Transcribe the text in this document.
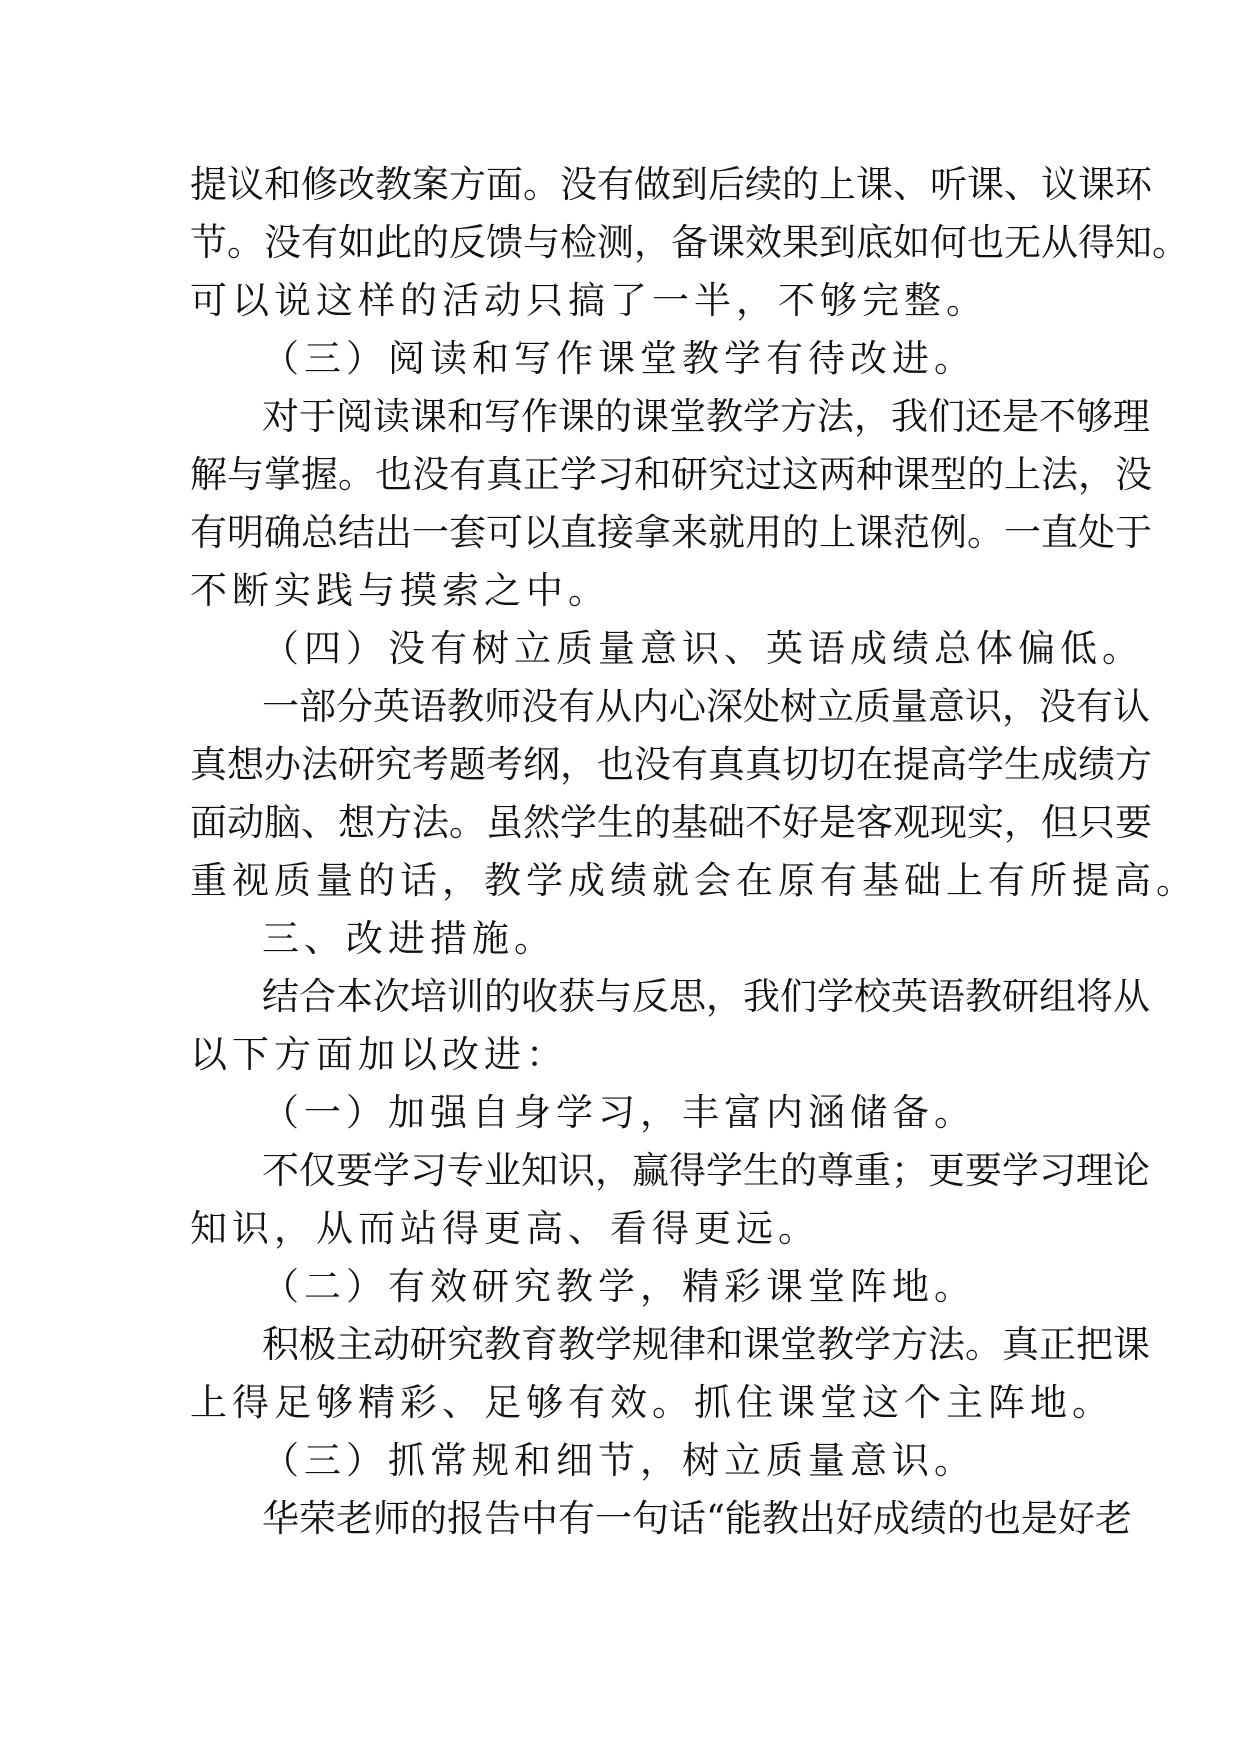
提议和修改教案方面。没有做到后续的上课、听课、议课环
节。没有如此的反馈与检测，备课效果到底如何也无从得知。
可以说这样的活动只搞了一半，不够完整。
（三）阅读和写作课堂教学有待改进。
对于阅读课和写作课的课堂教学方法，我们还是不够理
解与掌握。也没有真正学习和研究过这两种课型的上法，没
有明确总结出一套可以直接拿来就用的上课范例。一直处于
不断实践与摸索之中。
（四）没有树立质量意识、英语成绩总体偏低。
一部分英语教师没有从内心深处树立质量意识，没有认
真想办法研究考题考纲，也没有真真切切在提高学生成绩方
面动脑、想方法。虽然学生的基础不好是客观现实，但只要
重视质量的话，教学成绩就会在原有基础上有所提高。
三、改进措施。
结合本次培训的收获与反思，我们学校英语教研组将从
以下方面加以改进：
（一）加强自身学习，丰富内涵储备。
不仅要学习专业知识，赢得学生的尊重；更要学习理论
知识，从而站得更高、看得更远。
（二）有效研究教学，精彩课堂阵地。
积极主动研究教育教学规律和课堂教学方法。真正把课
上得足够精彩、足够有效。抓住课堂这个主阵地。
（三）抓常规和细节，树立质量意识。
华荣老师的报告中有一句话“能教出好成绩的也是好老
